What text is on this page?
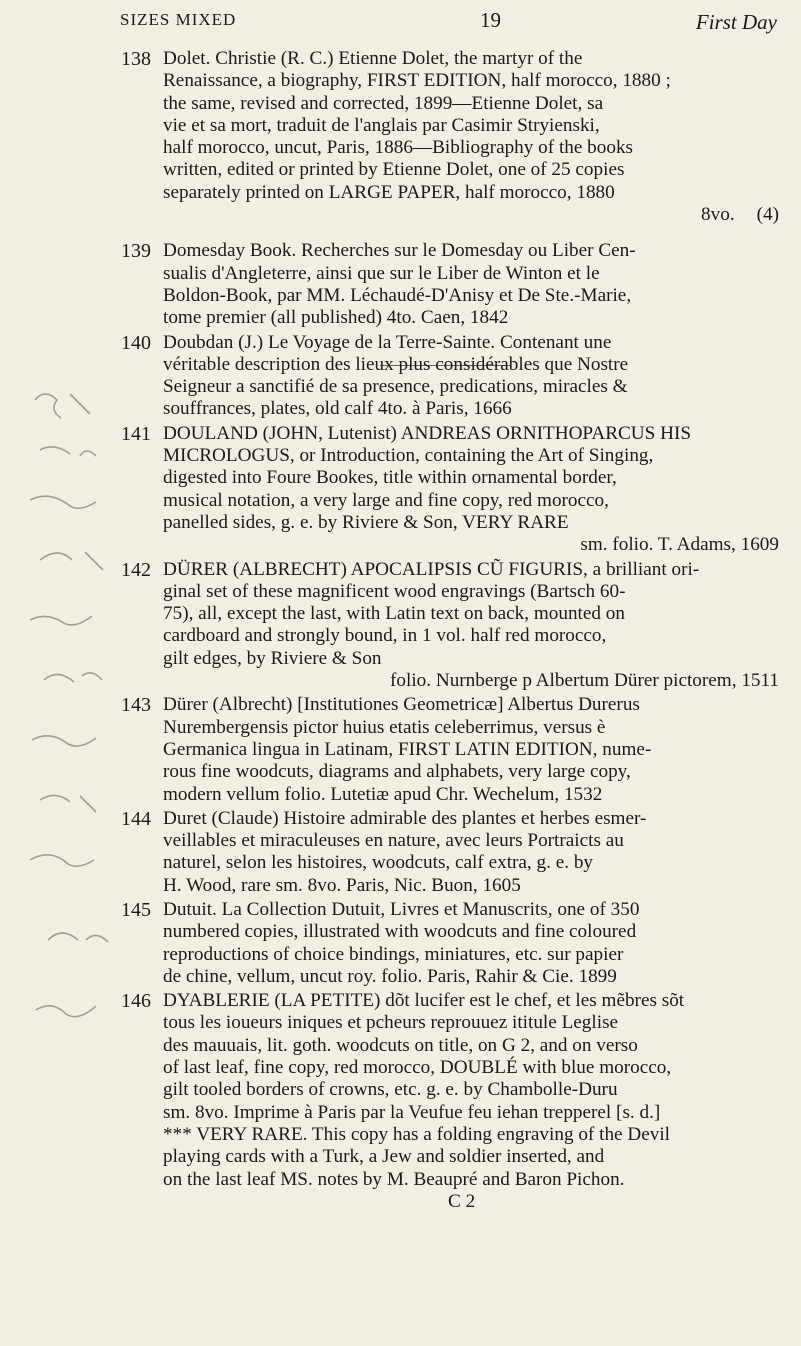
SIZES MIXED	19	First Day
138 Dolet. Christie (R. C.) Etienne Dolet, the martyr of the
Renaissance, a biography, FIRST EDITION, half morocco, 1880 ;
the same, revised and corrected, 1899—Etienne Dolet, sa
vie et sa mort, traduit de l'anglais par Casimir Stryienski,
half morocco, uncut, Paris, 1886—Bibliography of the books
written, edited or printed by Etienne Dolet, one of 25 copies
separately printed on LARGE PAPER, half morocco, 1880
8vo. (4)

139 Domesday Book. Recherches sur le Domesday ou Liber Cen-
sualis d'Angleterre, ainsi que sur le Liber de Winton et le
Boldon-Book, par MM. Léchaudé-D'Anisy et De Ste.-Marie,
tome premier (all published) 4to. Caen, 1842

140 Doubdan (J.) Le Voyage de la Terre-Sainte. Contenant une
véritable description des lieux plus considérables que Nostre
Seigneur a sanctifié de sa presence, predications, miracles &
souffrances, plates, old calf 4to. à Paris, 1666

141 DOULAND (JOHN, Lutenist) ANDREAS ORNITHOPARCUS HIS
MICROLOGUS, or Introduction, containing the Art of Singing,
digested into Foure Bookes, title within ornamental border,
musical notation, a very large and fine copy, red morocco,
panelled sides, g. e. by Riviere & Son, VERY RARE
sm. folio. T. Adams, 1609

142 DÜRER (ALBRECHT) APOCALIPSIS CŨ FIGURIS, a brilliant ori-
ginal set of these magnificent wood engravings (Bartsch 60-
75), all, except the last, with Latin text on back, mounted on
cardboard and strongly bound, in 1 vol. half red morocco,
gilt edges, by Riviere & Son
folio. Nurnberge p Albertum Dürer pictorem, 1511

143 Dürer (Albrecht) [Institutiones Geometricæ] Albertus Durerus
Nurembergensis pictor huius etatis celeberrimus, versus è
Germanica lingua in Latinam, FIRST LATIN EDITION, nume-
rous fine woodcuts, diagrams and alphabets, very large copy,
modern vellum folio. Lutetiæ apud Chr. Wechelum, 1532

144 Duret (Claude) Histoire admirable des plantes et herbes esmer-
veillables et miraculeuses en nature, avec leurs Portraicts au
naturel, selon les histoires, woodcuts, calf extra, g. e. by
H. Wood, rare sm. 8vo. Paris, Nic. Buon, 1605

145 Dutuit. La Collection Dutuit, Livres et Manuscrits, one of 350
numbered copies, illustrated with woodcuts and fine coloured
reproductions of choice bindings, miniatures, etc. sur papier
de chine, vellum, uncut roy. folio. Paris, Rahir & Cie. 1899

146 DYABLERIE (LA PETITE) dõt lucifer est le chef, et les mẽbres sõt
tous les ioueurs iniques et pcheurs reprouuez ititule Leglise
des mauuais, lit. goth. woodcuts on title, on G 2, and on verso
of last leaf, fine copy, red morocco, DOUBLÉ with blue morocco,
gilt tooled borders of crowns, etc. g. e. by Chambolle-Duru
sm. 8vo. Imprime à Paris par la Veufue feu iehan trepperel [s. d.]
*** VERY RARE. This copy has a folding engraving of the Devil
playing cards with a Turk, a Jew and soldier inserted, and
on the last leaf MS. notes by M. Beaupré and Baron Pichon.
C 2
